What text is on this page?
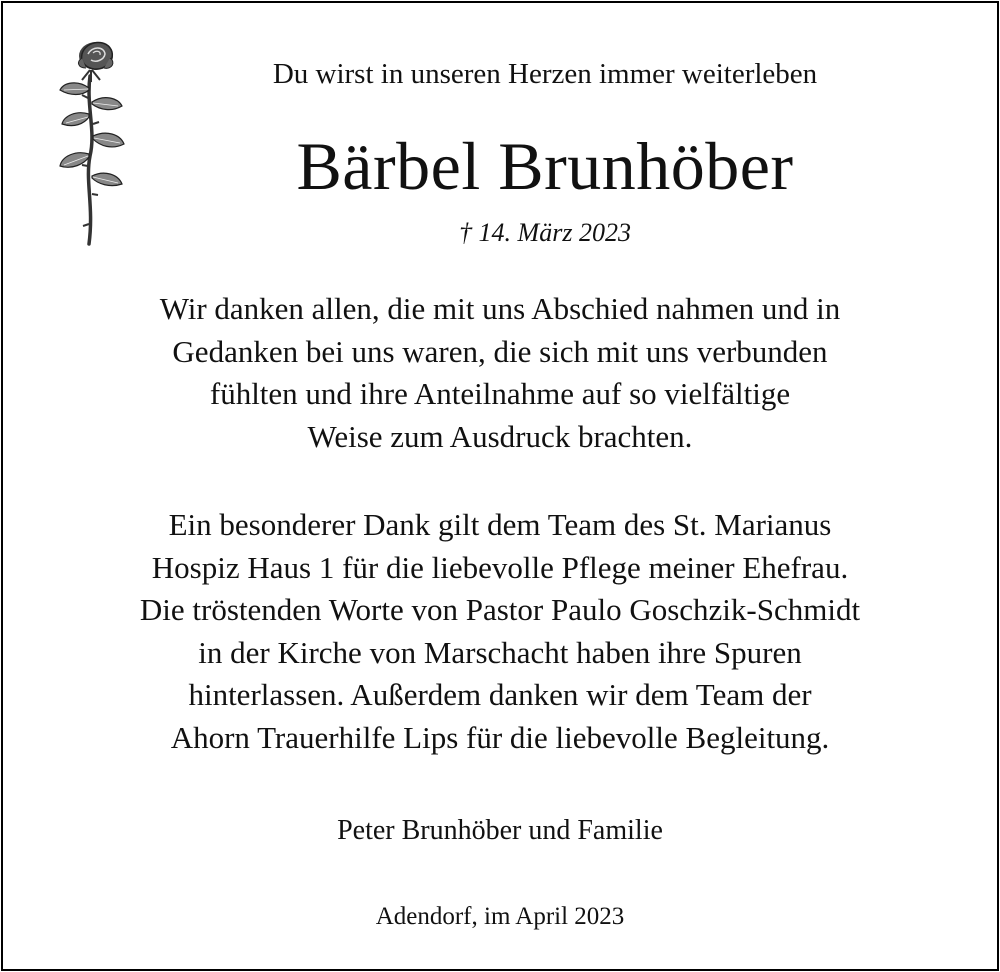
Du wirst in unseren Herzen immer weiterleben

Bärbel Brunhöber

† 14. März 2023

Wir danken allen, die mit uns Abschied nahmen und in
Gedanken bei uns waren, die sich mit uns verbunden
fühlten und ihre Anteilnahme auf so vielfältige
Weise zum Ausdruck brachten.
Ein besonderer Dank gilt dem Team des St. Marianus
Hospiz Haus 1 für die liebevolle Pflege meiner Ehefrau.
Die tröstenden Worte von Pastor Paulo Goschzik-Schmidt
in der Kirche von Marschacht haben ihre Spuren
hinterlassen. Außerdem danken wir dem Team der
Ahorn Trauerhilfe Lips für die liebevolle Begleitung.

Peter Brunhöber und Familie

Adendorf, im April 2023
